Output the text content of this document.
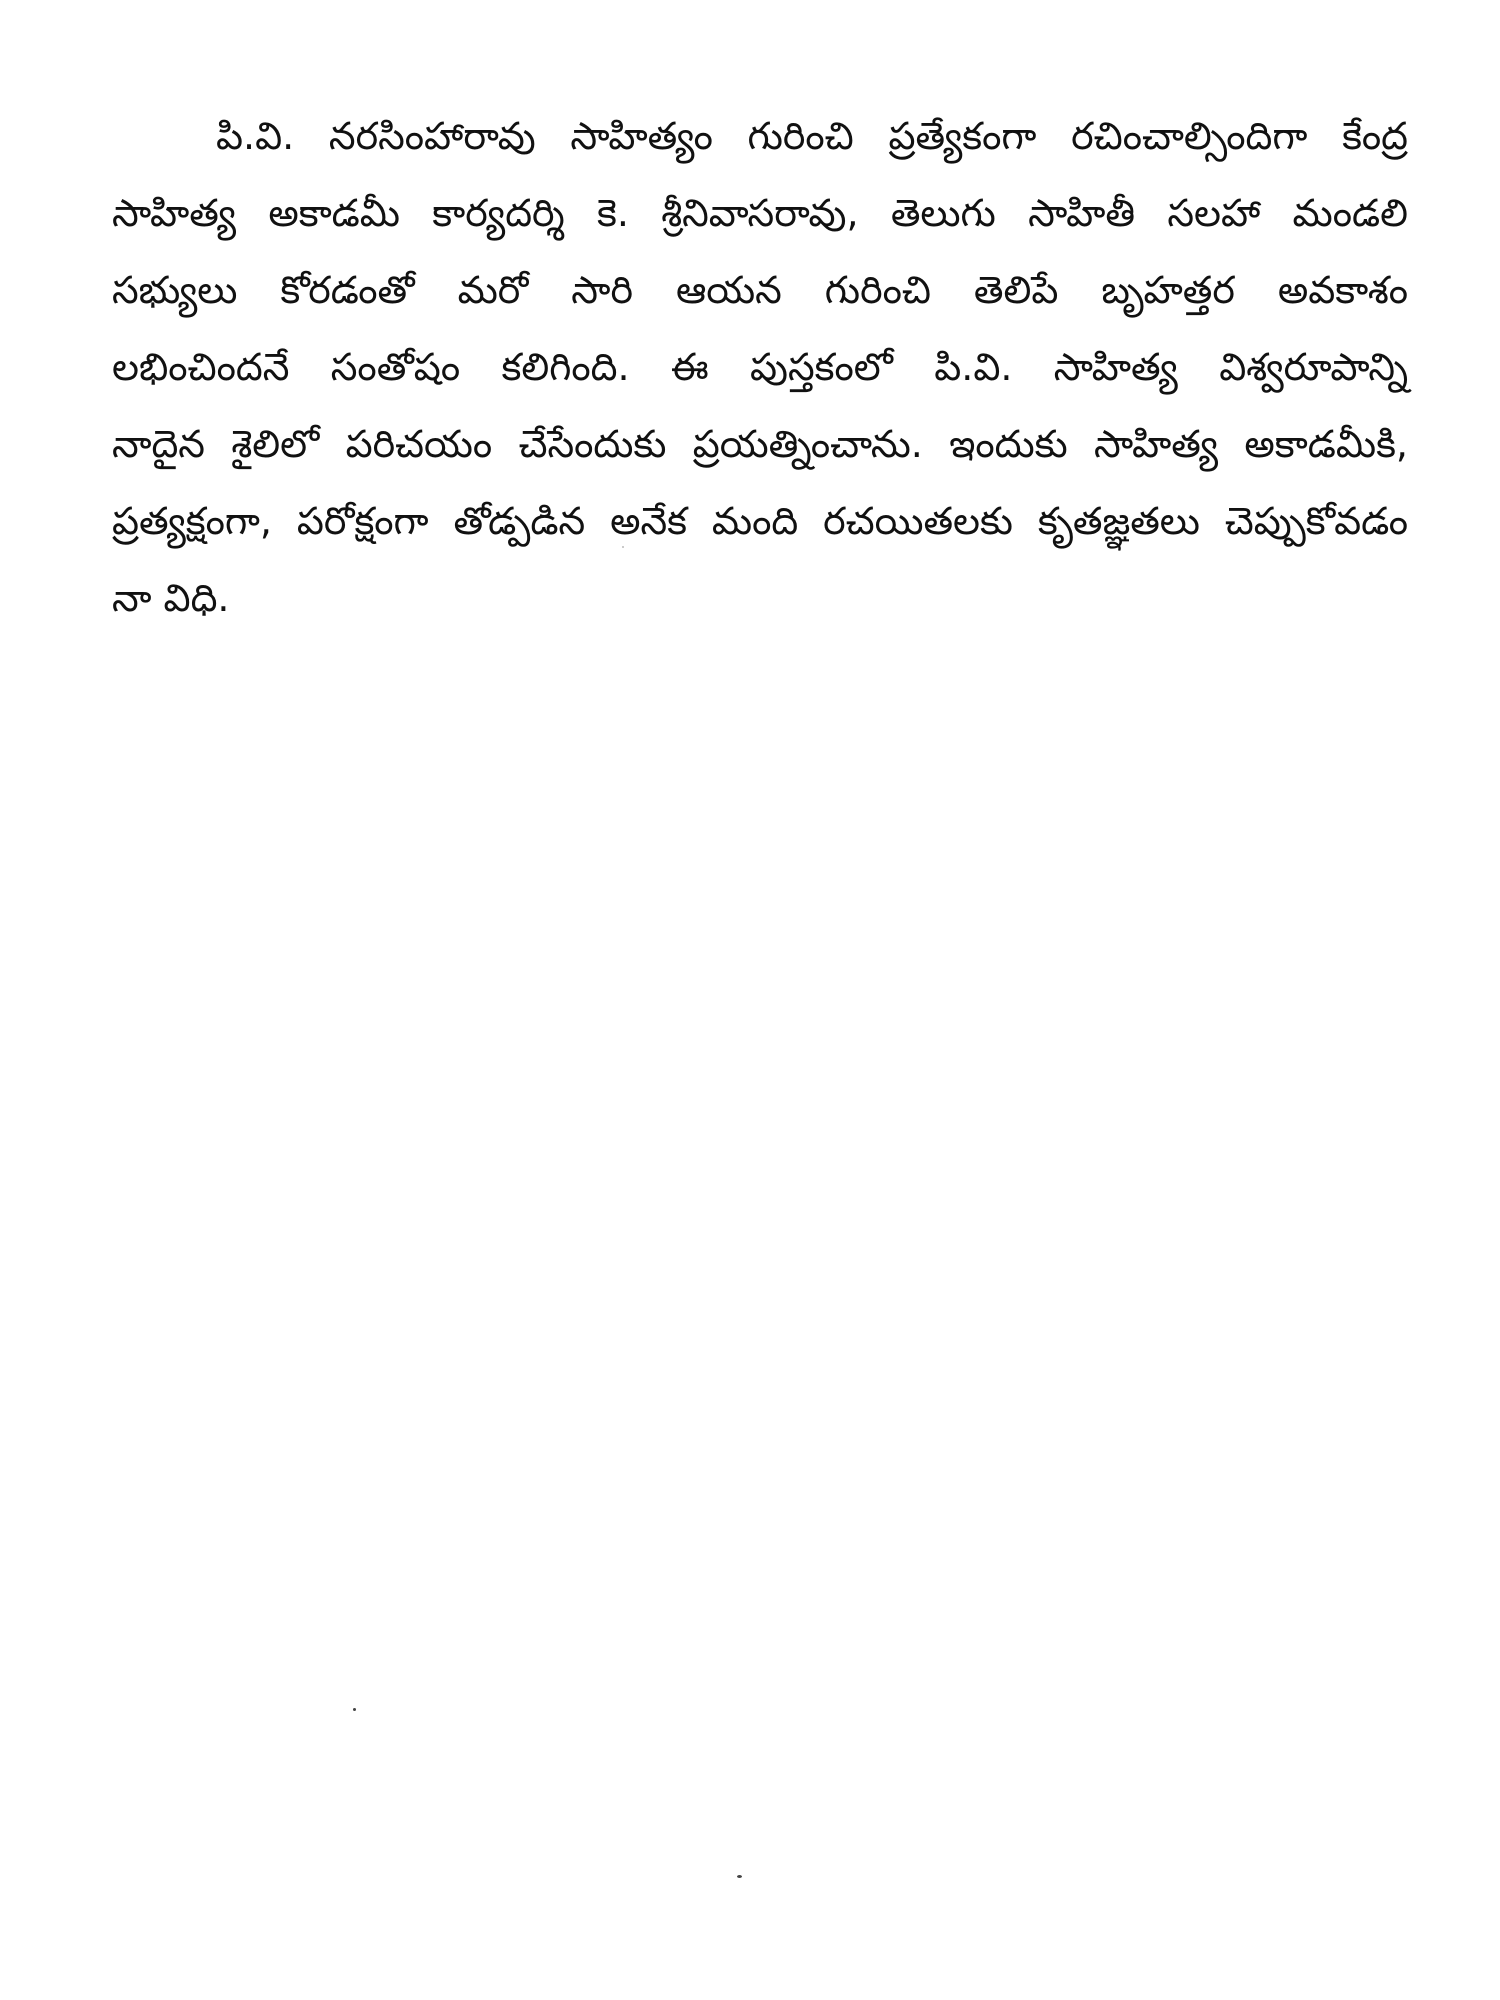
పి.వి. నరసింహారావు సాహిత్యం గురించి ప్రత్యేకంగా రచించాల్సిందిగా కేంద్ర
సాహిత్య అకాడమీ కార్యదర్శి కె. శ్రీనివాసరావు, తెలుగు సాహితీ సలహా మండలి
సభ్యులు కోరడంతో మరో సారి ఆయన గురించి తెలిపే బృహత్తర అవకాశం
లభించిందనే సంతోషం కలిగింది. ఈ పుస్తకంలో పి.వి. సాహిత్య విశ్వరూపాన్ని
నాదైన శైలిలో పరిచయం చేసేందుకు ప్రయత్నించాను. ఇందుకు సాహిత్య అకాడమీకి,
ప్రత్యక్షంగా, పరోక్షంగా తోడ్పడిన అనేక మంది రచయితలకు కృతజ్ఞతలు చెప్పుకోవడం
నా విధి.
